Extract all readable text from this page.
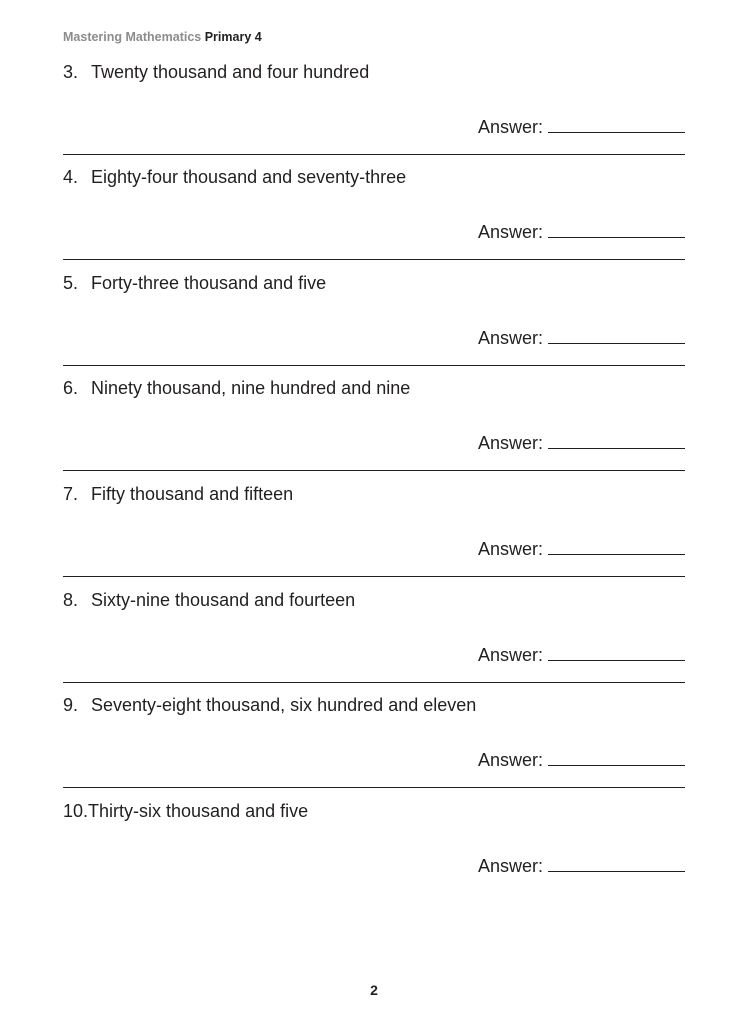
Mastering Mathematics Primary 4
3. Twenty thousand and four hundred
Answer:
4. Eighty-four thousand and seventy-three
Answer:
5. Forty-three thousand and five
Answer:
6. Ninety thousand, nine hundred and nine
Answer:
7. Fifty thousand and fifteen
Answer:
8. Sixty-nine thousand and fourteen
Answer:
9. Seventy-eight thousand, six hundred and eleven
Answer:
10.Thirty-six thousand and five
Answer:
2
